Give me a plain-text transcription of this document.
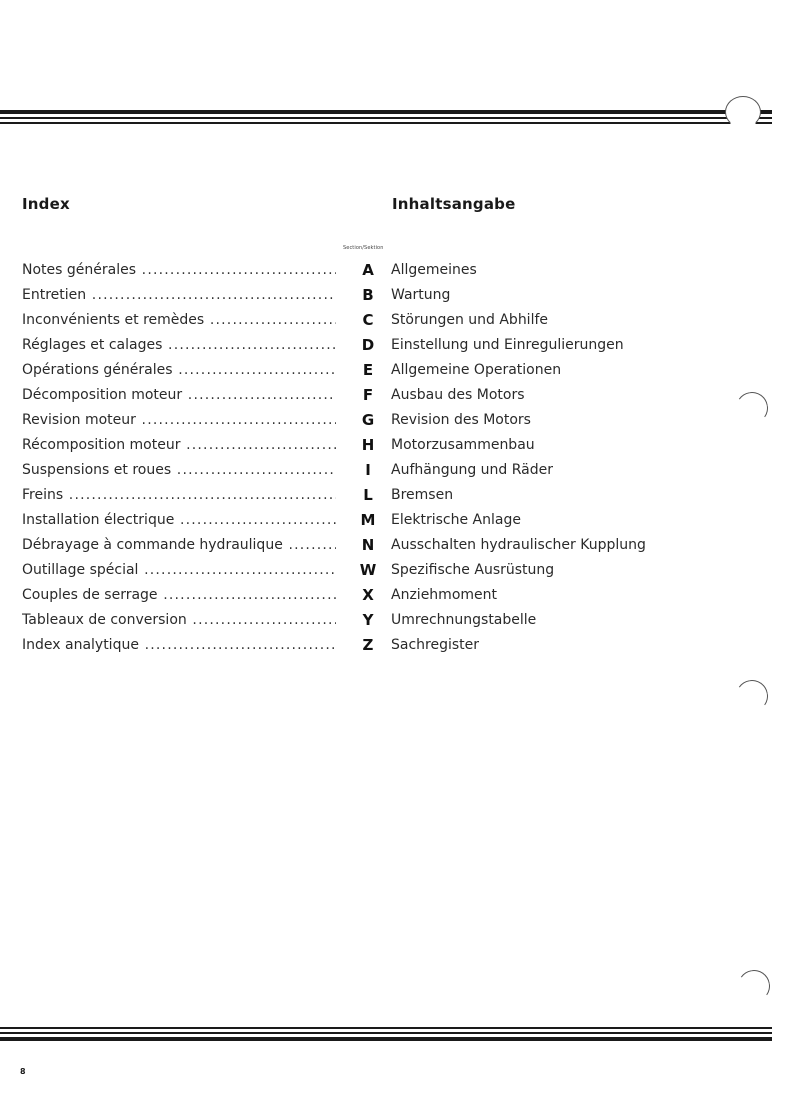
Index	Inhaltsangabe
Section/Sektion
Notes générales .....	A	Allgemeines
Entretien .....	B	Wartung
Inconvénients et remèdes .....	C	Störungen und Abhilfe
Réglages et calages .....	D Einstellung und Einregulierungen
Opérations générales .....	E	Allgemeine Operationen
Décomposition moteur .....	F	Ausbau des Motors
Revision moteur .....	G Revision des Motors
Récomposition moteur .....	H Motorzusammenbau
Suspensions et roues .....	I	Aufhängung und Räder
Freins .....	L	Bremsen
Installation électrique .....	M Elektrische Anlage
Débrayage à commande hydraulique .....	N Ausschalten hydraulischer Kupplung
Outillage spécial .....	W Spezifische Ausrüstung
Couples de serrage .....	X	Anziehmoment
Tableaux de conversion .....	Y	Umrechnungstabelle
Index analytique .....	Z	Sachregister
8
